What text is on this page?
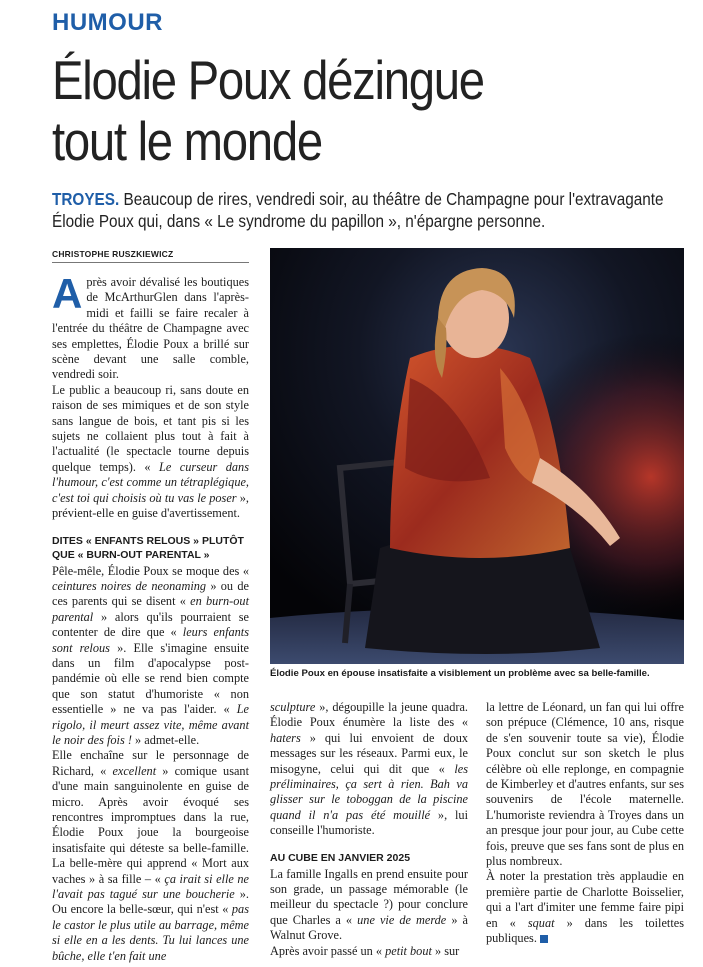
HUMOUR
Élodie Poux dézingue
tout le monde
TROYES. Beaucoup de rires, vendredi soir, au théâtre de Champagne pour l'extravagante Élodie Poux qui, dans « Le syndrome du papillon », n'épargne personne.
CHRISTOPHE RUSZKIEWICZ

Après avoir dévalisé les boutiques de McArthurGlen dans l'après-midi et failli se faire recaler à l'entrée du théâtre de Champagne avec ses emplettes, Élodie Poux a brillé sur scène devant une salle comble, vendredi soir.

Le public a beaucoup ri, sans doute en raison de ses mimiques et de son style sans langue de bois, et tant pis si les sujets ne collaient plus tout à fait à l'actualité (le spectacle tourne depuis quelque temps). « Le curseur dans l'humour, c'est comme un tétraplégique, c'est toi qui choisis où tu vas le poser », prévient-elle en guise d'avertissement.

DITES « ENFANTS RELOUS » PLUTÔT QUE « BURN-OUT PARENTAL »

Pêle-mêle, Élodie Poux se moque des « ceintures noires de neonaming » ou de ces parents qui se disent « en burn-out parental » alors qu'ils pourraient se contenter de dire que « leurs enfants sont relous ». Elle s'imagine ensuite dans un film d'apocalypse post-pandémie où elle se rend bien compte que son statut d'humoriste « non essentielle » ne va pas l'aider. « Le rigolo, il meurt assez vite, même avant le noir des fois ! » admet-elle.

Elle enchaîne sur le personnage de Richard, « excellent » comique usant d'une main sanguinolente en guise de micro. Après avoir évoqué ses rencontres impromptues dans la rue, Élodie Poux joue la bourgeoise insatisfaite qui déteste sa belle-famille. La belle-mère qui apprend « Mort aux vaches » à sa fille – « ça irait si elle ne l'avait pas tagué sur une boucherie ». Ou encore la belle-sœur, qui n'est « pas le castor le plus utile au barrage, même si elle en a les dents. Tu lui lances une bûche, elle t'en fait une

Élodie Poux en épouse insatisfaite a visiblement un problème avec sa belle-famille.

sculpture », dégoupille la jeune quadra. Élodie Poux énumère la liste des « haters » qui lui envoient de doux messages sur les réseaux. Parmi eux, le misogyne, celui qui dit que « les préliminaires, ça sert à rien. Bah va glisser sur le toboggan de la piscine quand il n'a pas été mouillé », lui conseille l'humoriste.

AU CUBE EN JANVIER 2025

La famille Ingalls en prend ensuite pour son grade, un passage mémorable (le meilleur du spectacle ?) pour conclure que Charles a « une vie de merde » à Walnut Grove.

Après avoir passé un « petit bout » sur

la lettre de Léonard, un fan qui lui offre son prépuce (Clémence, 10 ans, risque de s'en souvenir toute sa vie), Élodie Poux conclut sur son sketch le plus célèbre où elle replonge, en compagnie de Kimberley et d'autres enfants, sur ses souvenirs de l'école maternelle. L'humoriste reviendra à Troyes dans un an presque jour pour jour, au Cube cette fois, preuve que ses fans sont de plus en plus nombreux.

À noter la prestation très applaudie en première partie de Charlotte Boisselier, qui a l'art d'imiter une femme faire pipi en « squat » dans les toilettes publiques.
